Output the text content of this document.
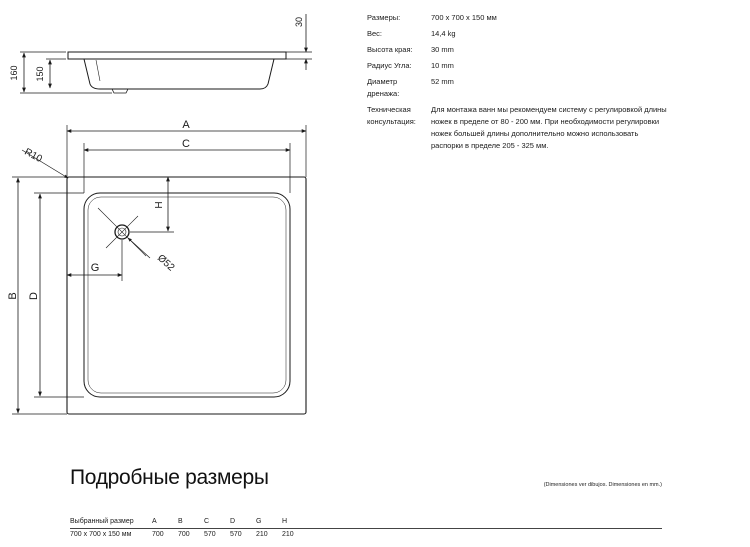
A
C
B D
G
H
R10
Ø52
160 150
30	Размеры:	700 x 700 x 150 мм
Вес:	14,4 kg
Высота края:	30 mm
Радиус Угла:	10 mm
Диаметр дренажа:
52 mm
Техническая консультация:
Для монтажа ванн мы рекомендуем систему с регулировкой длины ножек в пределе от 80 - 200 мм. При необходимости регулировки ножек большей длины дополнительно можно использовать распорки в пределе 205 - 325 мм.
Подробные размеры	(Dimensiones ver dibujos. Dimensiones en mm.)
Выбранный размер	A	B	C	D	G	H
700 x 700 x 150 мм	700	700	570	570	210	210
